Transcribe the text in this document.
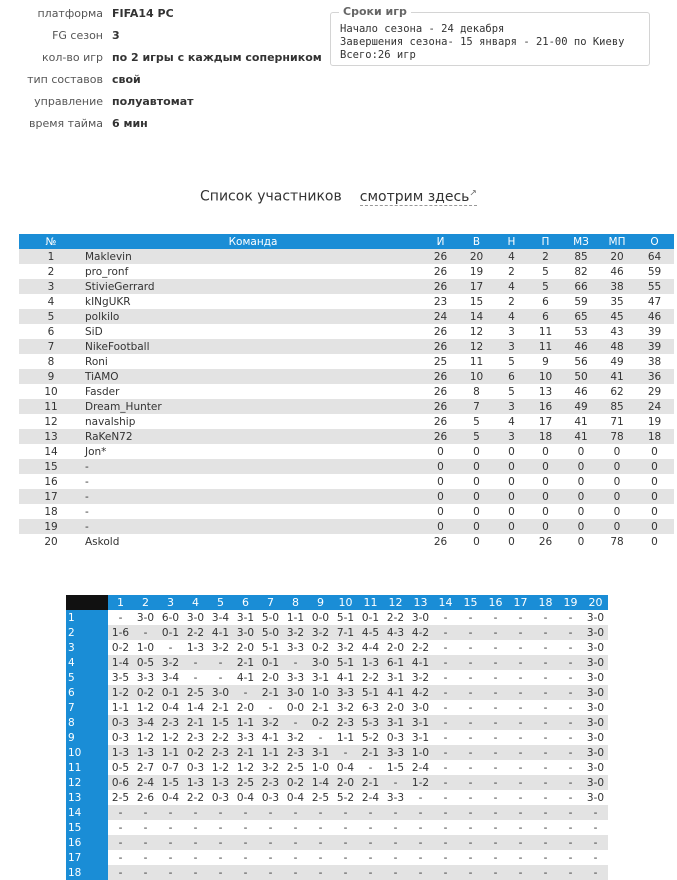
платформа FIFA14 PC
FG сезон 3
кол-во игр по 2 игры с каждым соперником
тип составов свой
управление полуавтомат
время тайма 6 мин
Сроки игр
Начало сезона - 24 декабря
Завершения сезона- 15 января - 21-00 по Киеву
Всего:26 игр
Список участников смотрим здесь↗
№	Команда	И	В	Н	П	МЗ	МП	О
1	Maklevin	26	20	4	2	85	20	64
2	pro_ronf	26	19	2	5	82	46	59
3	StivieGerrard	26	17	4	5	66	38	55
4	kINgUKR	23	15	2	6	59	35	47
5	polkilo	24	14	4	6	65	45	46
6	SiD	26	12	3	11	53	43	39
7	NikeFootball	26	12	3	11	46	48	39
8	Roni	25	11	5	9	56	49	38
9	TiAMO	26	10	6	10	50	41	36
10	Fasder	26	8	5	13	46	62	29
11	Dream_Hunter	26	7	3	16	49	85	24
12	navalship	26	5	4	17	41	71	19
13	RaKeN72	26	5	3	18	41	78	18
14	Jon*	0	0	0	0	0	0	0
15	-	0	0	0	0	0	0	0
16	-	0	0	0	0	0	0	0
17	-	0	0	0	0	0	0	0
18	-	0	0	0	0	0	0	0
19	-	0	0	0	0	0	0	0
20	Askold	26	0	0	26	0	78	0
	1	2	3	4	5	6	7	8	9	10	11	12	13	14	15	16	17	18	19	20
1	-	3-0	6-0	3-0	3-4	3-1	5-0	1-1	0-0	5-1	0-1	2-2	3-0	-	-	-	-	-	-	3-0
2	1-6	-	0-1	2-2	4-1	3-0	5-0	3-2	3-2	7-1	4-5	4-3	4-2	-	-	-	-	-	-	3-0
3	0-2	1-0	-	1-3	3-2	2-0	5-1	3-3	0-2	3-2	4-4	2-0	2-2	-	-	-	-	-	-	3-0
4	1-4	0-5	3-2	-	-	2-1	0-1	-	3-0	5-1	1-3	6-1	4-1	-	-	-	-	-	-	3-0
5	3-5	3-3	3-4	-	-	4-1	2-0	3-3	3-1	4-1	2-2	3-1	3-2	-	-	-	-	-	-	3-0
6	1-2	0-2	0-1	2-5	3-0	-	2-1	3-0	1-0	3-3	5-1	4-1	4-2	-	-	-	-	-	-	3-0
7	1-1	1-2	0-4	1-4	2-1	2-0	-	0-0	2-1	3-2	6-3	2-0	3-0	-	-	-	-	-	-	3-0
8	0-3	3-4	2-3	2-1	1-5	1-1	3-2	-	0-2	2-3	5-3	3-1	3-1	-	-	-	-	-	-	3-0
9	0-3	1-2	1-2	2-3	2-2	3-3	4-1	3-2	-	1-1	5-2	0-3	3-1	-	-	-	-	-	-	3-0
10	1-3	1-3	1-1	0-2	2-3	2-1	1-1	2-3	3-1	-	2-1	3-3	1-0	-	-	-	-	-	-	3-0
11	0-5	2-7	0-7	0-3	1-2	1-2	3-2	2-5	1-0	0-4	-	1-5	2-4	-	-	-	-	-	-	3-0
12	0-6	2-4	1-5	1-3	1-3	2-5	2-3	0-2	1-4	2-0	2-1	-	1-2	-	-	-	-	-	-	3-0
13	2-5	2-6	0-4	2-2	0-3	0-4	0-3	0-4	2-5	5-2	2-4	3-3	-	-	-	-	-	-	-	3-0
14	-	-	-	-	-	-	-	-	-	-	-	-	-	-	-	-	-	-	-	-
15	-	-	-	-	-	-	-	-	-	-	-	-	-	-	-	-	-	-	-	-
16	-	-	-	-	-	-	-	-	-	-	-	-	-	-	-	-	-	-	-	-
17	-	-	-	-	-	-	-	-	-	-	-	-	-	-	-	-	-	-	-	-
18	-	-	-	-	-	-	-	-	-	-	-	-	-	-	-	-	-	-	-	-
